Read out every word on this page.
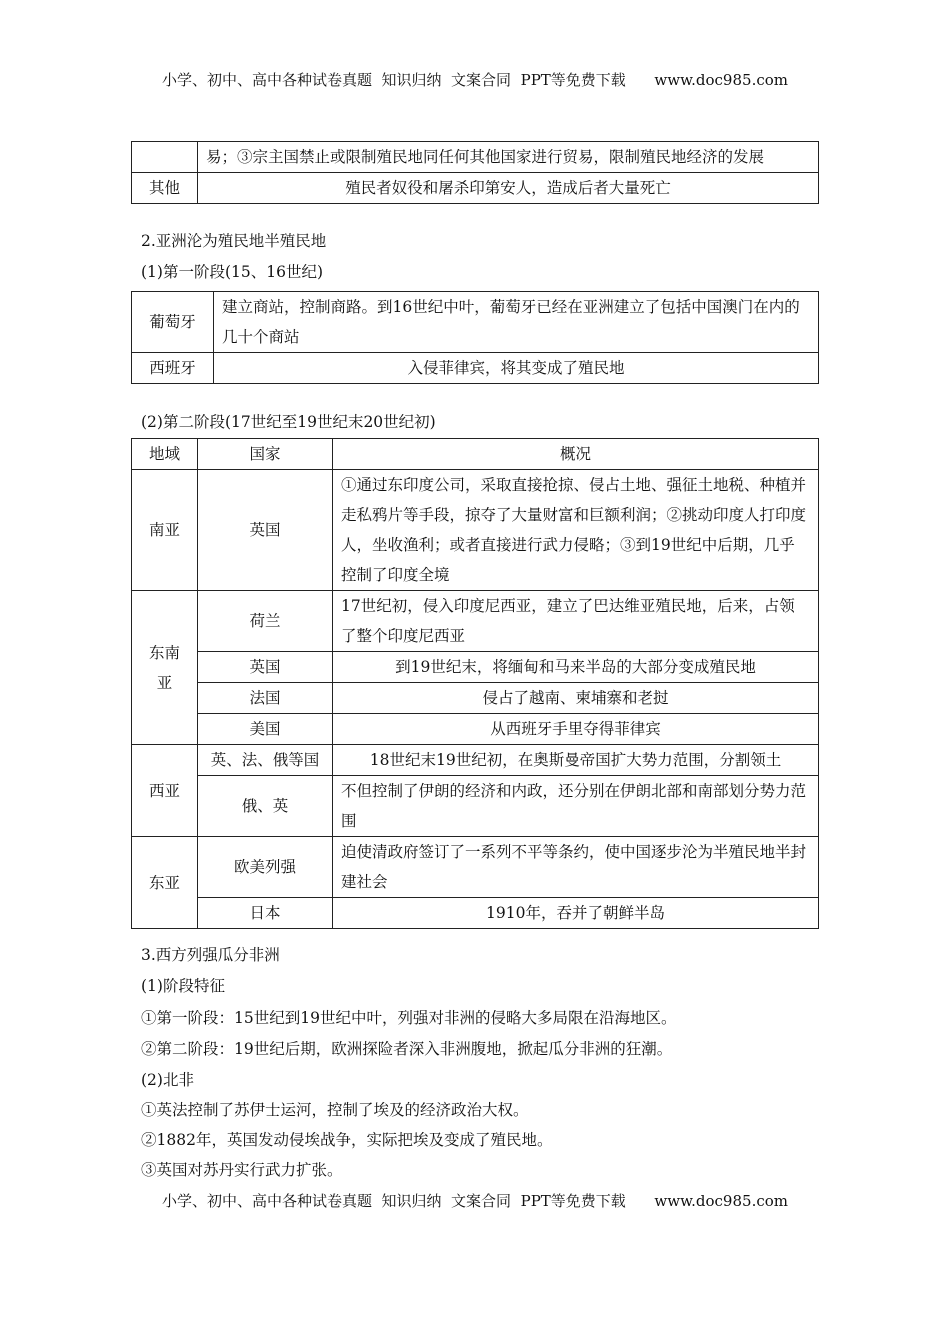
小学、初中、高中各种试卷真题  知识归纳  文案合同  PPT等免费下载      www.doc985.com
	易；③宗主国禁止或限制殖民地同任何其他国家进行贸易，限制殖民地经济的发展
其他	殖民者奴役和屠杀印第安人，造成后者大量死亡
2.亚洲沦为殖民地半殖民地
(1)第一阶段(15、16世纪)
葡萄牙	建立商站，控制商路。到16世纪中叶，葡萄牙已经在亚洲建立了包括中国澳门在内的几十个商站
西班牙	入侵菲律宾，将其变成了殖民地
(2)第二阶段(17世纪至19世纪末20世纪初)
地域	国家	概况
南亚	英国	①通过东印度公司，采取直接抢掠、侵占土地、强征土地税、种植并走私鸦片等手段，掠夺了大量财富和巨额利润；②挑动印度人打印度人，坐收渔利；或者直接进行武力侵略；③到19世纪中后期，几乎控制了印度全境
东南亚	荷兰	17世纪初，侵入印度尼西亚，建立了巴达维亚殖民地，后来，占领了整个印度尼西亚
	英国	到19世纪末，将缅甸和马来半岛的大部分变成殖民地
	法国	侵占了越南、柬埔寨和老挝
	美国	从西班牙手里夺得菲律宾
西亚	英、法、俄等国	18世纪末19世纪初，在奥斯曼帝国扩大势力范围，分割领土
	俄、英	不但控制了伊朗的经济和内政，还分别在伊朗北部和南部划分势力范围
东亚	欧美列强	迫使清政府签订了一系列不平等条约，使中国逐步沦为半殖民地半封建社会
	日本	1910年，吞并了朝鲜半岛
3.西方列强瓜分非洲
(1)阶段特征
①第一阶段：15世纪到19世纪中叶，列强对非洲的侵略大多局限在沿海地区。
②第二阶段：19世纪后期，欧洲探险者深入非洲腹地，掀起瓜分非洲的狂潮。
(2)北非
①英法控制了苏伊士运河，控制了埃及的经济政治大权。
②1882年，英国发动侵埃战争，实际把埃及变成了殖民地。
③英国对苏丹实行武力扩张。
小学、初中、高中各种试卷真题  知识归纳  文案合同  PPT等免费下载      www.doc985.com
